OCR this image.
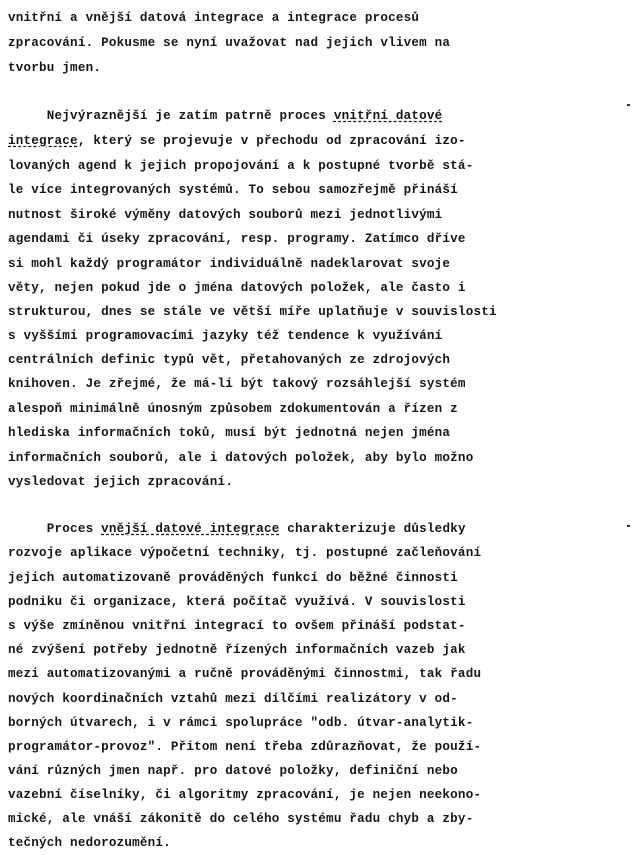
vnitřní a vnější datová integrace a integrace procesů
zpracování. Pokusme se nyní uvažovat nad jejich vlivem na
tvorbu jmen.
Nejvýraznější je zatím patrně proces vnitřní datové
integrace, který se projevuje v přechodu od zpracování izo-
lovaných agend k jejich propojování a k postupné tvorbě stá-
le více integrovaných systémů. To sebou samozřejmě přináší
nutnost široké výměny datových souborů mezi jednotlivými
agendami či úseky zpracování, resp. programy. Zatímco dříve
si mohl každý programátor individuálně nadeklarovat svoje
věty, nejen pokud jde o jména datových položek, ale často i
strukturou, dnes se stále ve větší míře uplatňuje v souvislosti
s vyššími programovacími jazyky též tendence k využívání
centrálních definic typů vět, přetahovaných ze zdrojových
knihoven. Je zřejmé, že má-li být takový rozsáhlejší systém
alespoň minimálně únosným způsobem zdokumentován a řízen z
hlediska informačních toků, musí být jednotná nejen jména
informačních souborů, ale i datových položek, aby bylo možno
vysledovat jejich zpracování.
Proces vnější datové integrace charakterizuje důsledky
rozvoje aplikace výpočetní techniky, tj. postupné začleňování
jejich automatizovaně prováděných funkcí do běžné činnosti
podniku či organizace, která počítač využívá. V souvislosti
s výše zmíněnou vnitřní integrací to ovšem přináší podstat-
né zvýšení potřeby jednotně řízených informačních vazeb jak
mezi automatizovanými a ručně prováděnými činnostmi, tak řadu
nových koordinačních vztahů mezi dílčími realizátory v od-
borných útvarech, i v rámci spolupráce "odb. útvar-analytik-
programátor-provoz". Přitom není třeba zdůrazňovat, že použí-
vání různých jmen např. pro datové položky, definiční nebo
vazební číselníky, či algoritmy zpracování, je nejen neekono-
mické, ale vnáší zákonitě do celého systému řadu chyb a zby-
tečných nedorozumění.
